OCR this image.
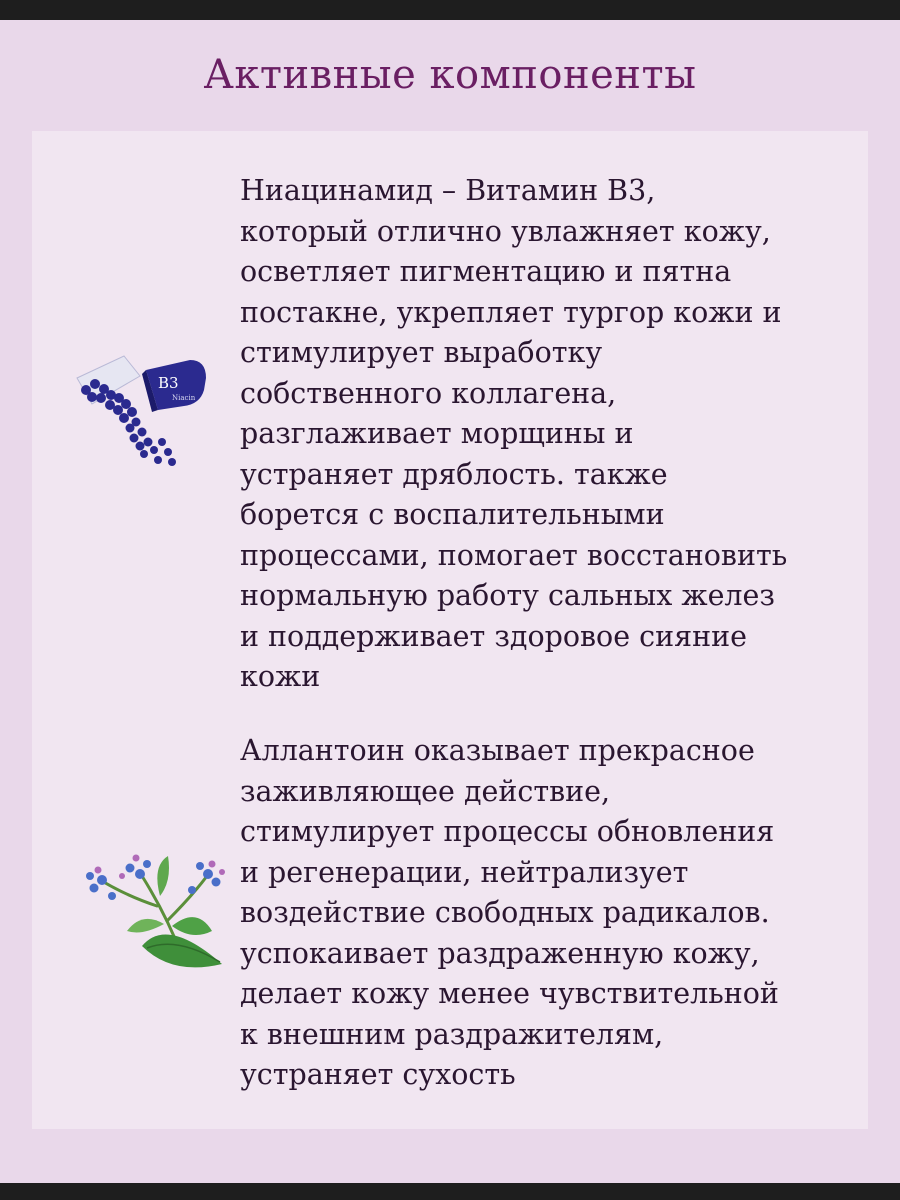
Активные компоненты
B3
Niacin

Ниацинамид – Витамин B3,
который отлично увлажняет кожу,
осветляет пигментацию и пятна
постакне, укрепляет тургор кожи и
стимулирует выработку
собственного коллагена,
разглаживает морщины и
устраняет дряблость. также
борется с воспалительными
процессами, помогает восстановить
нормальную работу сальных желез
и поддерживает здоровое сияние
кожи

Аллантоин оказывает прекрасное
заживляющее действие,
стимулирует процессы обновления
и регенерации, нейтрализует
воздействие свободных радикалов.
успокаивает раздраженную кожу,
делает кожу менее чувствительной
к внешним раздражителям,
устраняет сухость
